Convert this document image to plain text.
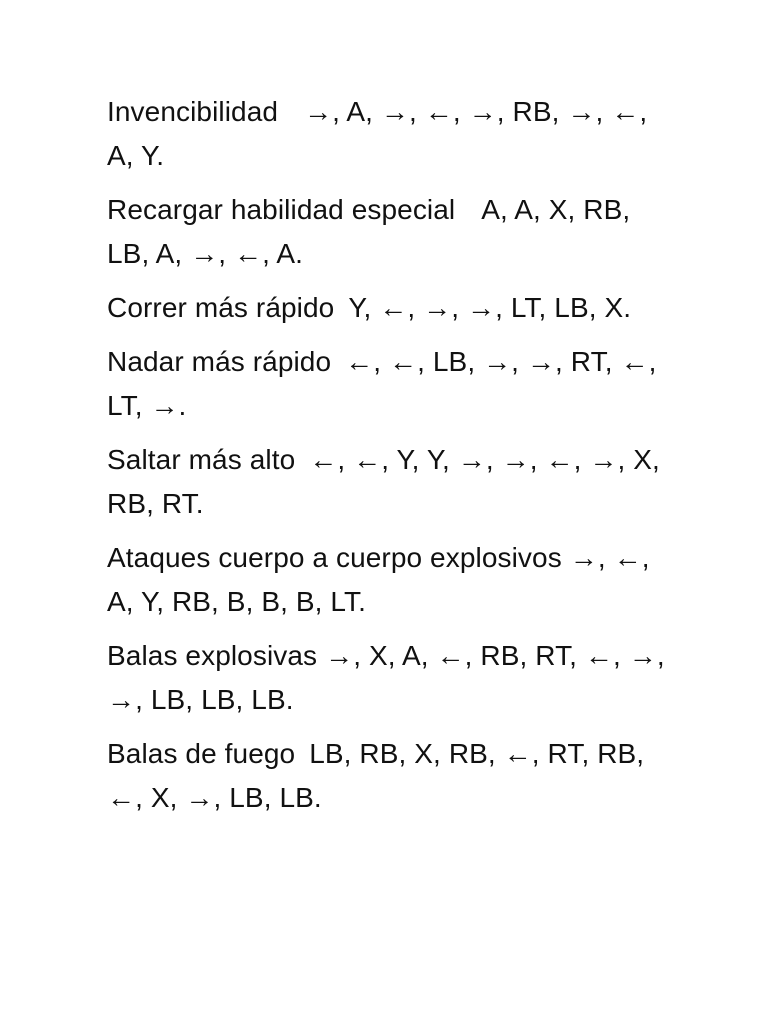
Invencibilidad →, A, →, ←, →, RB, →, ←, A, Y.

Recargar habilidad especial A, A, X, RB, LB, A, →, ←, A.

Correr más rápido Y, ←, →, →, LT, LB, X.

Nadar más rápido ←, ←, LB, →, →, RT, ←, LT, →.

Saltar más alto ←, ←, Y, Y, →, →, ←, →, X, RB, RT.

Ataques cuerpo a cuerpo explosivos →, ←, A, Y, RB, B, B, B, LT.

Balas explosivas →, X, A, ←, RB, RT, ←, →, →, LB, LB, LB.

Balas de fuego LB, RB, X, RB, ←, RT, RB, ←, X, →, LB, LB.
